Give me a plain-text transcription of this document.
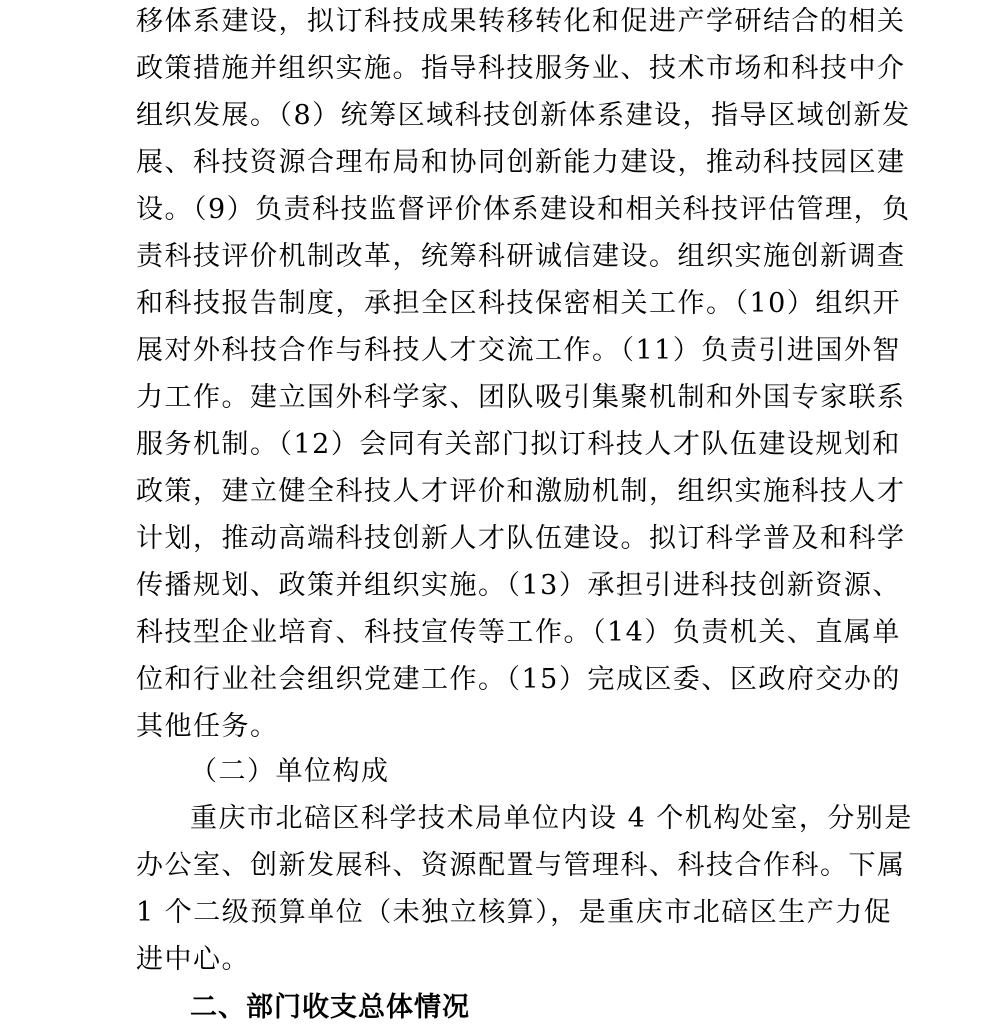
移体系建设，拟订科技成果转移转化和促进产学研结合的相关
政策措施并组织实施。指导科技服务业、技术市场和科技中介
组织发展。（8）统筹区域科技创新体系建设，指导区域创新发
展、科技资源合理布局和协同创新能力建设，推动科技园区建
设。（9）负责科技监督评价体系建设和相关科技评估管理，负
责科技评价机制改革，统筹科研诚信建设。组织实施创新调查
和科技报告制度，承担全区科技保密相关工作。（10）组织开
展对外科技合作与科技人才交流工作。（11）负责引进国外智
力工作。建立国外科学家、团队吸引集聚机制和外国专家联系
服务机制。（12）会同有关部门拟订科技人才队伍建设规划和
政策，建立健全科技人才评价和激励机制，组织实施科技人才
计划，推动高端科技创新人才队伍建设。拟订科学普及和科学
传播规划、政策并组织实施。（13）承担引进科技创新资源、
科技型企业培育、科技宣传等工作。（14）负责机关、直属单
位和行业社会组织党建工作。（15）完成区委、区政府交办的
其他任务。
（二）单位构成
重庆市北碚区科学技术局单位内设 4 个机构处室，分别是
办公室、创新发展科、资源配置与管理科、科技合作科。下属
1 个二级预算单位（未独立核算），是重庆市北碚区生产力促
进中心。
二、部门收支总体情况
